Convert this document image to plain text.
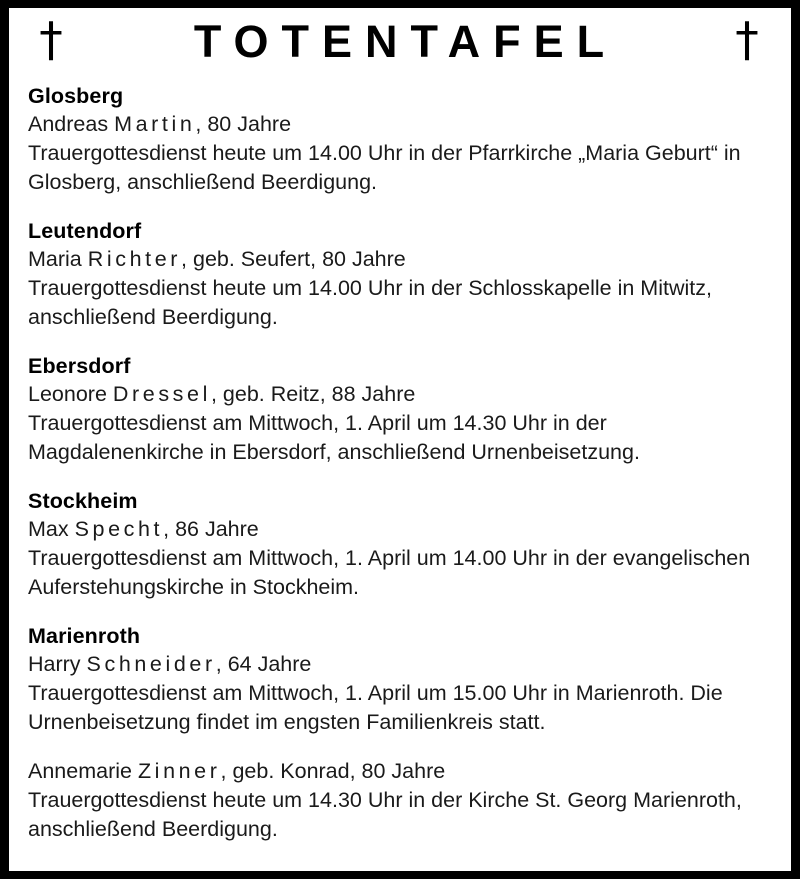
†	TOTENTAFEL	†
Glosberg
Andreas Martin, 80 Jahre
Trauergottesdienst heute um 14.00 Uhr in der Pfarrkirche „Maria Geburt“ in Glosberg, anschließend Beerdigung.
Leutendorf
Maria Richter, geb. Seufert, 80 Jahre
Trauergottesdienst heute um 14.00 Uhr in der Schlosskapelle in Mitwitz, anschließend Beerdigung.
Ebersdorf
Leonore Dressel, geb. Reitz, 88 Jahre
Trauergottesdienst am Mittwoch, 1. April um 14.30 Uhr in der Magdalenenkirche in Ebersdorf, anschließend Urnenbeisetzung.
Stockheim
Max Specht, 86 Jahre
Trauergottesdienst am Mittwoch, 1. April um 14.00 Uhr in der evangelischen Auferstehungskirche in Stockheim.
Marienroth
Harry Schneider, 64 Jahre
Trauergottesdienst am Mittwoch, 1. April um 15.00 Uhr in Marienroth. Die Urnenbeisetzung findet im engsten Familienkreis statt.
Annemarie Zinner, geb. Konrad, 80 Jahre
Trauergottesdienst heute um 14.30 Uhr in der Kirche St. Georg Marienroth, anschließend Beerdigung.
